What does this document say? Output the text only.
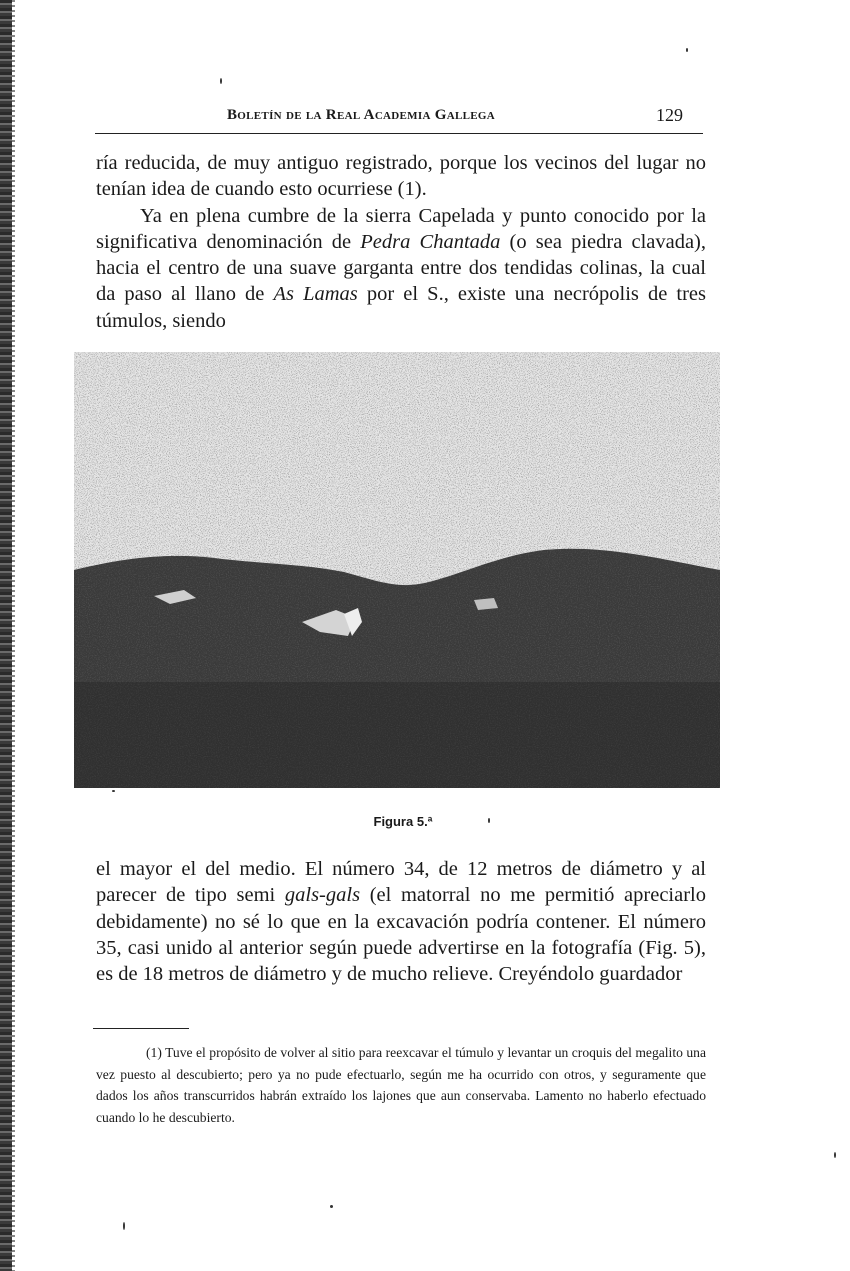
Boletín de la Real Academia Gallega	129

ría reducida, de muy antiguo registrado, porque los vecinos del lugar no tenían idea de cuando esto ocurriese (1).

Ya en plena cumbre de la sierra Capelada y punto conocido por la significativa denominación de Pedra Chantada (o sea piedra clavada), hacia el centro de una suave garganta entre dos tendidas colinas, la cual da paso al llano de As Lamas por el S., existe una necrópolis de tres túmulos, siendo

Figura 5.ª

el mayor el del medio. El número 34, de 12 metros de diámetro y al parecer de tipo semi gals-gals (el matorral no me permitió apreciarlo debidamente) no sé lo que en la excavación podría contener. El número 35, casi unido al anterior según puede advertirse en la fotografía (Fig. 5), es de 18 metros de diámetro y de mucho relieve. Creyéndolo guardador

(1) Tuve el propósito de volver al sitio para reexcavar el túmulo y levantar un croquis del megalito una vez puesto al descubierto; pero ya no pude efectuarlo, según me ha ocurrido con otros, y seguramente que dados los años transcurridos habrán extraído los lajones que aun conservaba. Lamento no haberlo efectuado cuando lo he descubierto.
